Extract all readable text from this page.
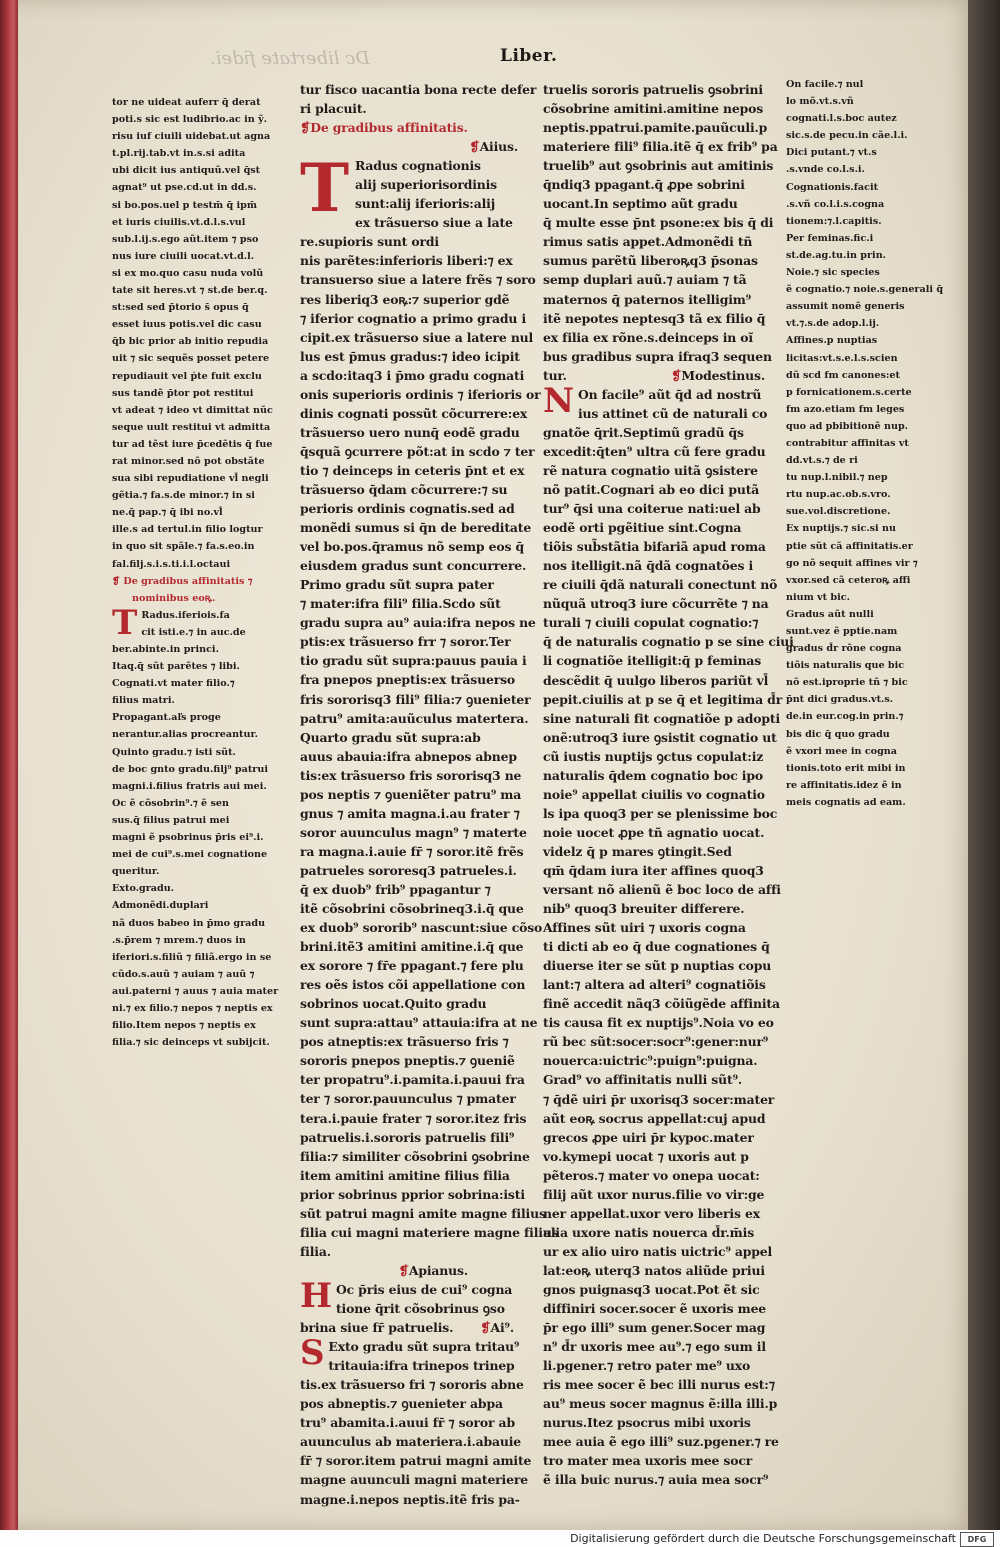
Dc libertate fidei.	Liber.
tor ne uideat auferr q̄ derat
poti.s sic est ludibrio.ac in ỹ.
risu iuf ciuili uidebat.ut agna
t.pl.rij.tab.vt in.s.si adita
ubi dicit ius antiquũ.vel q̄st
agnat⁹ ut pse.cd.ut in dd.s.
si bo.pos.uel p testm̄ q̄ ipm̄
et iuris ciuilis.vt.d.l.s.vul
sub.l.ij.s.ego aũt.item ⁊ pso
nus iure ciuili uocat.vt.d.l.
si ex mo.quo casu nuda volũ
tate sit heres.vt ⁊ st.de ber.q.
st:sed sed p̄torio s̄ opus q̄
esset iuus potis.vel dic casu
q̄b bic prior ab initio repudia
uit ⁊ sic sequẽs posset petere
repudiauit vel ṗte fuit exclu
sus tandẽ p̄tor pot restitui
vt adeat ⁊ ideo vt dimittat nũc
seque uult restitui vt admitta
tur ad tẽst iure p̄cedẽtis q̄ fue
rat minor.sed nõ pot obstãte
sua sibi repudiatione vl̄ negli
gẽtia.⁊ fa.s.de minor.⁊ in si
ne.q̄ pap.⁊ q̄ ibi no.vl̄
ille.s ad tertul.in filio logtur
in quo sit spãle.⁊ fa.s.eo.in
fal.filj.s.i.s.ti.i.l.octaui
❡ De gradibus affinitatis ⁊
nominibus eoꝶ.
T Radus.iferiois.fa
cit isti.e.⁊ in auc.de
ber.abinte.in princi.
Itaq.q̄ sũt parẽtes ⁊ libi.
Cognati.vt mater filio.⁊
filius matri.
Propagant.aľs proge
nerantur.alias procreantur.
Quinto gradu.⁊ isti sũt.
de boc gnto gradu.filj⁹ patrui
magni.i.filius fratris aui mei.
Oc ẽ cõsobrin⁹.⁊ ẽ sen
sus.q̄ filius patrui mei
magni ẽ psobrinus p̄ris ei⁹.i.
mei de cui⁹.s.mei cognatione
queritur.
Exto.gradu.
Admonẽdi.duplari
nã duos babeo in p̄mo gradu
.s.p̄rem ⁊ mrem.⁊ duos in
iferiori.s.filiũ ⁊ filiã.ergo in se
cũdo.s.auũ ⁊ auiam ⁊ auũ ⁊
aui.paterni ⁊ auus ⁊ auia mater
ni.⁊ ex filio.⁊ nepos ⁊ neptis ex
filio.Item nepos ⁊ neptis ex
filia.⁊ sic deinceps vt subijcit.
tur fisco uacantia bona recte defer
ri placuit.
❡De gradibus affinitatis.
❡Aiius.
T Radus cognationis
alij superiorisordinis
sunt:alij iferioris:alij
ex trãsuerso siue a late
re.supioris sunt ordi
nis parẽtes:inferioris liberi:⁊ ex
transuerso siue a latere frẽs ⁊ soro
res liberiq3 eoꝶ:⁊ superior gdẽ
⁊ iferior cognatio a primo gradu i
cipit.ex trãsuerso siue a latere nul
lus est p̄mus gradus:⁊ ideo icipit
a scdo:itaq3 i p̄mo gradu cognati
onis superioris ordinis ⁊ iferioris or
dinis cognati possũt cõcurrere:ex
trãsuerso uero nunq̄ eodẽ gradu
q̄squã ꝯcurrere põt:at in scdo ⁊ ter
tio ⁊ deinceps in ceteris p̄nt et ex
trãsuerso q̄dam cõcurrere:⁊ su
perioris ordinis cognatis.sed ad
monẽdi sumus si q̄n de bereditate
vel bo.pos.q̄ramus nõ semp eos q̄
eiusdem gradus sunt concurrere.
Primo gradu sũt supra pater
⁊ mater:ifra fili⁹ filia.Scdo sũt
gradu supra au⁹ auia:ifra nepos ne
ptis:ex trãsuerso frr ⁊ soror.Ter
tio gradu sũt supra:pauus pauia i
fra pnepos pneptis:ex trãsuerso
fris sororisq3 fili⁹ filia:⁊ ꝯuenieter
patru⁹ amita:auũculus matertera.
Quarto gradu sũt supra:ab
auus abauia:ifra abnepos abnep
tis:ex trãsuerso fris sororisq3 ne
pos neptis ⁊ ꝯueniẽter patru⁹ ma
gnus ⁊ amita magna.i.au frater ⁊
soror auunculus magn⁹ ⁊ materte
ra magna.i.auie fr̄ ⁊ soror.itẽ frẽs
patrueles sororesq3 patrueles.i.
q̄ ex duob⁹ frib⁹ ppagantur ⁊
itẽ cõsobrini cõsobrineq3.i.q̄ que
ex duob⁹ sororib⁹ nascunt:siue cõso
brini.itẽ3 amitini amitine.i.q̄ que
ex sorore ⁊ fr̄e ppagant.⁊ fere plu
res oẽs istos cõi appellatione con
sobrinos uocat.Quito gradu
sunt supra:attau⁹ attauia:ifra at ne
pos atneptis:ex trãsuerso fris ⁊
sororis pnepos pneptis.⁊ ꝯueniẽ
ter propatru⁹.i.pamita.i.pauui fra
ter ⁊ soror.pauunculus ⁊ pmater
tera.i.pauie frater ⁊ soror.itez fris
patruelis.i.sororis patruelis fili⁹
filia:⁊ similiter cõsobrini ꝯsobrine
item amitini amitine filius filia
prior sobrinus pprior sobrina:isti
sũt patrui magni amite magne filius
filia cui magni materiere magne filius
filia.
❡Apianus.
H Oc p̄ris eius de cui⁹ cogna
tione q̄rit cõsobrinus ꝯso
brina siue fr̄ patruelis.	❡Ai⁹.
S Exto gradu sũt supra tritau⁹
tritauia:ifra trinepos trinep
tis.ex trãsuerso fri ⁊ sororis abne
pos abneptis.⁊ ꝯuenieter abpa
tru⁹ abamita.i.auui fr̄ ⁊ soror ab
auunculus ab materiera.i.abauie
fr̄ ⁊ soror.item patrui magni amite
magne auunculi magni materiere
magne.i.nepos neptis.itẽ fris pa-
truelis sororis patruelis ꝯsobrini
cõsobrine amitini.amitine nepos
neptis.ppatrui.pamite.pauũculi.p
materiere fili⁹ filia.itẽ q̄ ex frib⁹ pa
truelib⁹ aut ꝯsobrinis aut amitinis
q̄ndiq3 ppagant.q̄ ꝓpe sobrini
uocant.In septimo aũt gradu
q̄ multe esse p̄nt psone:ex bis q̄ di
rimus satis appet.Admonẽdi tñ
sumus parẽtũ liberoꝶq3 p̄sonas
semp duplari auũ.⁊ auiam ⁊ tã
maternos q̄ paternos itelligim⁹
itẽ nepotes neptesq3 tã ex filio q̄
ex filia ex rõne.s.deinceps in oĩ
bus gradibus supra ifraq3 sequen
tur.	❡Modestinus.
N On facile⁹ aũt q̄d ad nostrũ
ius attinet cũ de naturali co
gnatõe q̄rit.Septimũ gradũ q̄s
excedit:q̄ten⁹ ultra cũ fere gradu
rẽ natura cognatio uitã ꝯsistere
nõ patit.Cognari ab eo dici putã
tur⁹ q̄si una coiterue nati:uel ab
eodẽ orti pgẽitiue sint.Cogna
tiõis sub̃stãtia bifariã apud roma
nos itelligit.nã q̄dã cognatões i
re ciuili q̄dã naturali conectunt nõ
nũquã utroq3 iure cõcurrẽte ⁊ na
turali ⁊ ciuili copulat cognatio:⁊
q̄ de naturalis cognatio p se sine ciui
li cognatiõe itelligit:q̄ p feminas
descẽdit q̄ uulgo liberos pariũt vl̄
pepit.ciuilis at p se q̄ et legitima d̄r
sine naturali fit cognatiõe p adopti
onẽ:utroq3 iure ꝯsistit cognatio ut
cũ iustis nuptijs ꝯctus copulat:iz
naturalis q̄dem cognatio boc ipo
noie⁹ appellat ciuilis vo cognatio
ls ipa quoq3 per se plenissime boc
noie uocet ꝓpe tñ agnatio uocat.
videlz q̄ p mares ꝯtingit.Sed
qm̄ q̄dam iura iter affines quoq3
versant nõ alienũ ẽ boc loco de affi
nib⁹ quoq3 breuiter differere.
Affines sũt uiri ⁊ uxoris cogna
ti dicti ab eo q̄ due cognationes q̄
diuerse iter se sũt p nuptias copu
lant:⁊ altera ad alteri⁹ cognatiõis
finẽ accedit nãq3 cõiũgẽde affinita
tis causa fit ex nuptijs⁹.Noia vo eo
rũ bec sũt:socer:socr⁹:gener:nur⁹
nouerca:uictric⁹:puign⁹:puigna.
Grad⁹ vo affinitatis nulli sũt⁹.
⁊ q̄dẽ uiri p̄r uxorisq3 socer:mater
aũt eoꝶ socrus appellat:cuj apud
grecos ꝓpe uiri p̄r kypoc.mater
vo.kymepi uocat ⁊ uxoris aut p
pẽteros.⁊ mater vo onepa uocat:
filij aũt uxor nurus.filie vo vir:ge
ner appellat.uxor vero liberis ex
alia uxore natis nouerca d̄r.m̄is
ur ex alio uiro natis uictric⁹ appel
lat:eoꝶ uterq3 natos aliũde priui
gnos puignasq3 uocat.Pot ẽt sic
diffiniri socer.socer ẽ uxoris mee
p̄r ego illi⁹ sum gener.Socer mag
n⁹ d̄r uxoris mee au⁹.⁊ ego sum il
li.pgener.⁊ retro pater me⁹ uxo
ris mee socer ẽ bec illi nurus est:⁊
au⁹ meus socer magnus ẽ:illa illi.p
nurus.Itez psocrus mibi uxoris
mee auia ẽ ego illi⁹ suz.pgener.⁊ re
tro mater mea uxoris mee socr
ẽ illa buic nurus.⁊ auia mea socr⁹
On facile.⁊ nul
lo mõ.vt.s.vñ
cognati.l.s.boc autez
sic.s.de pecu.in cãe.l.i.
Dici putant.⁊ vt.s
.s.vnde co.l.s.i.
Cognationis.facit
.s.vñ co.l.i.s.cogna
tionem:⁊.l.capitis.
Per feminas.fic.i
st.de.ag.tu.in prin.
Noie.⁊ sic species
ẽ cognatio.⁊ noie.s.generali q̄
assumit nomẽ generis
vt.⁊.s.de adop.l.ij.
Affines.p nuptias
licitas:vt.s.e.l.s.scien
dũ scd fm canones:et
p fornicationem.s.certe
fm azo.etiam fm leges
quo ad pbibitionẽ nup.
contrabitur affinitas vt
dd.vt.s.⁊ de ri
tu nup.l.nibil.⁊ nep
rtu nup.ac.ob.s.vro.
sue.vol.discretione.
Ex nuptijs.⁊ sic.si nu
ptie sũt cã affinitatis.er
go nõ sequit affines vir ⁊
vxor.sed cã ceteroꝶ affi
nium vt bic.
Gradus aũt nulli
sunt.vez ẽ pptie.nam
gradus d̄r rõne cogna
tiõis naturalis que bic
nõ est.iproprie tñ ⁊ bic
p̄nt dici gradus.vt.s.
de.in eur.cog.in prin.⁊
bis dic q̄ quo gradu
ẽ vxori mee in cogna
tionis.toto erit mibi in
re affinitatis.idez ẽ in
meis cognatis ad eam.
Digitalisierung gefördert durch die Deutsche Forschungsgemeinschaft	DFG
